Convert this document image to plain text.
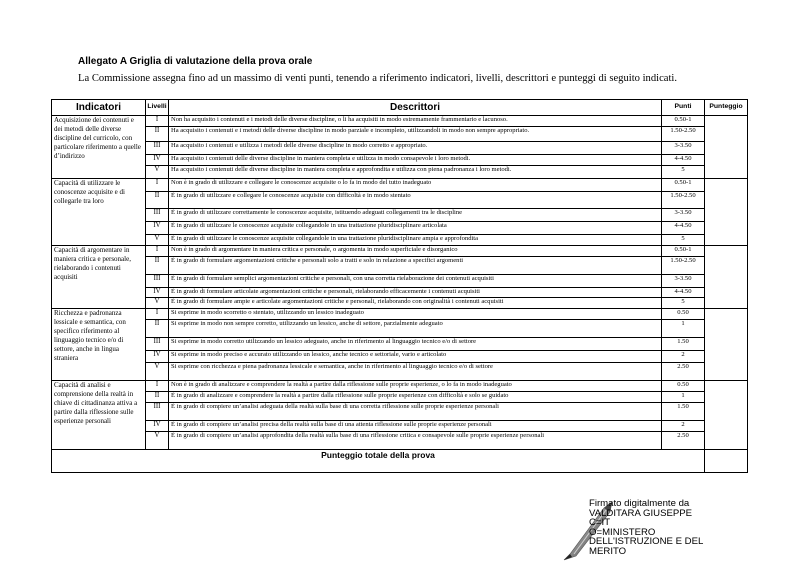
Allegato A Griglia di valutazione della prova orale
La Commissione assegna fino ad un massimo di venti punti, tenendo a riferimento indicatori, livelli, descrittori e punteggi di seguito indicati.
Indicatori	Livelli	Descrittori	Punti	Punteggio
Acquisizione dei contenuti e dei metodi delle diverse discipline del curricolo, con particolare riferimento a quelle d’indirizzo	I	Non ha acquisito i contenuti e i metodi delle diverse discipline, o li ha acquisiti in modo estremamente frammentario e lacunoso.	0.50-1	
	II	Ha acquisito i contenuti e i metodi delle diverse discipline in modo parziale e incompleto, utilizzandoli in modo non sempre appropriato.	1.50-2.50	
	III	Ha acquisito i contenuti e utilizza i metodi delle diverse discipline in modo corretto e appropriato.	3-3.50	
	IV	Ha acquisito i contenuti delle diverse discipline in maniera completa e utilizza in modo consapevole i loro metodi.	4-4.50	
	V	Ha acquisito i contenuti delle diverse discipline in maniera completa e approfondita e utilizza con piena padronanza i loro metodi.	5	
Capacità di utilizzare le conoscenze acquisite e di collegarle tra loro	I	Non è in grado di utilizzare e collegare le conoscenze acquisite o lo fa in modo del tutto inadeguato	0.50-1	
	II	È in grado di utilizzare e collegare le conoscenze acquisite con difficoltà e in modo stentato	1.50-2.50	
	III	È in grado di utilizzare correttamente le conoscenze acquisite, istituendo adeguati collegamenti tra le discipline	3-3.50	
	IV	È in grado di utilizzare le conoscenze acquisite collegandole in una trattazione pluridisciplinare articolata	4-4.50	
	V	È in grado di utilizzare le conoscenze acquisite collegandole in una trattazione pluridisciplinare ampia e approfondita	5	
Capacità di argomentare in maniera critica e personale, rielaborando i contenuti acquisiti	I	Non è in grado di argomentare in maniera critica e personale, o argomenta in modo superficiale e disorganico	0.50-1	
	II	È in grado di formulare argomentazioni critiche e personali solo a tratti e solo in relazione a specifici argomenti	1.50-2.50	
	III	È in grado di formulare semplici argomentazioni critiche e personali, con una corretta rielaborazione dei contenuti acquisiti	3-3.50	
	IV	È in grado di formulare articolate argomentazioni critiche e personali, rielaborando efficacemente i contenuti acquisiti	4-4.50	
	V	È in grado di formulare ampie e articolate argomentazioni critiche e personali, rielaborando con originalità i contenuti acquisiti	5	
Ricchezza e padronanza lessicale e semantica, con specifico riferimento al linguaggio tecnico e/o di settore, anche in lingua straniera	I	Si esprime in modo scorretto o stentato, utilizzando un lessico inadeguato	0.50	
	II	Si esprime in modo non sempre corretto, utilizzando un lessico, anche di settore, parzialmente adeguato	1	
	III	Si esprime in modo corretto utilizzando un lessico adeguato, anche in riferimento al linguaggio tecnico e/o di settore	1.50	
	IV	Si esprime in modo preciso e accurato utilizzando un lessico, anche tecnico e settoriale, vario e articolato	2	
	V	Si esprime con ricchezza e piena padronanza lessicale e semantica, anche in riferimento al linguaggio tecnico e/o di settore	2.50	
Capacità di analisi e comprensione della realtà in chiave di cittadinanza attiva a partire dalla riflessione sulle esperienze personali	I	Non è in grado di analizzare e comprendere la realtà a partire dalla riflessione sulle proprie esperienze, o lo fa in modo inadeguato	0.50	
	II	È in grado di analizzare e comprendere la realtà a partire dalla riflessione sulle proprie esperienze con difficoltà e solo se guidato	1	
	III	È in grado di compiere un’analisi adeguata della realtà sulla base di una corretta riflessione sulle proprie esperienze personali	1.50	
	IV	È in grado di compiere un’analisi precisa della realtà sulla base di una attenta riflessione sulle proprie esperienze personali	2	
	V	È in grado di compiere un’analisi approfondita della realtà sulla base di una riflessione critica e consapevole sulle proprie esperienze personali	2.50	
Punteggio totale della prova				
Firmato digitalmente da
VALDITARA GIUSEPPE
C=IT
O=MINISTERO
DELL'ISTRUZIONE E DEL
MERITO
